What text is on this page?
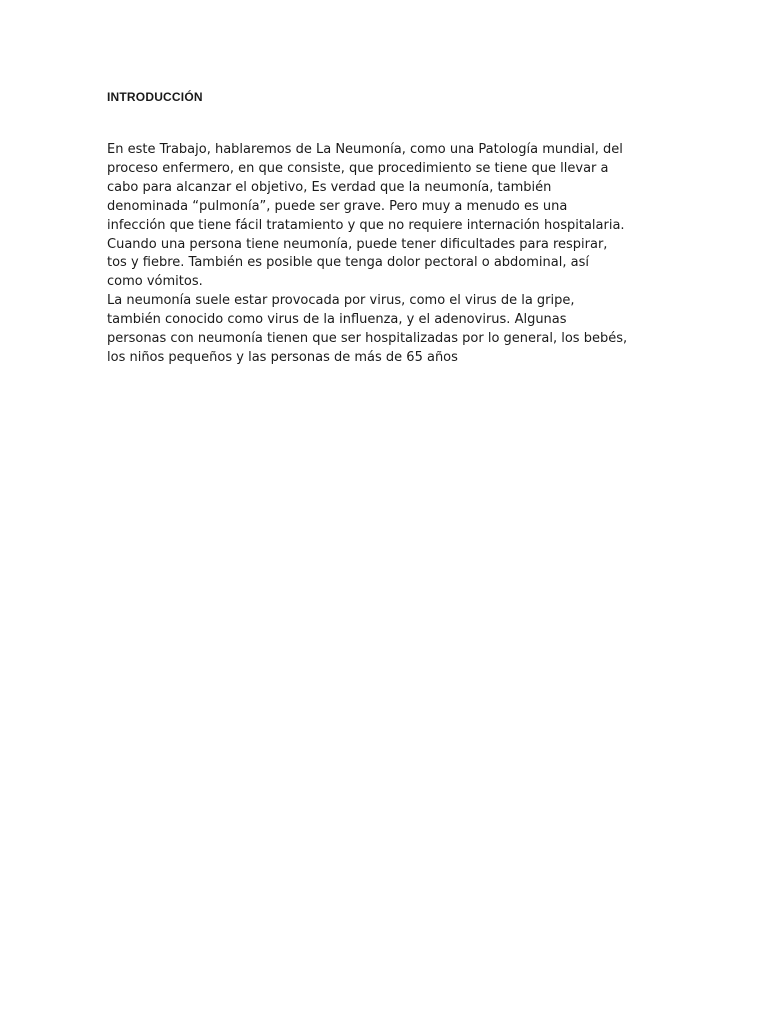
INTRODUCCIÓN
En este Trabajo, hablaremos de La Neumonía, como una Patología mundial, del
proceso enfermero, en que consiste, que procedimiento se tiene que llevar a
cabo para alcanzar el objetivo, Es verdad que la neumonía, también
denominada “pulmonía”, puede ser grave. Pero muy a menudo es una
infección que tiene fácil tratamiento y que no requiere internación hospitalaria.
Cuando una persona tiene neumonía, puede tener dificultades para respirar,
tos y fiebre. También es posible que tenga dolor pectoral o abdominal, así
como vómitos.
La neumonía suele estar provocada por virus, como el virus de la gripe,
también conocido como virus de la influenza, y el adenovirus. Algunas
personas con neumonía tienen que ser hospitalizadas por lo general, los bebés,
los niños pequeños y las personas de más de 65 años
